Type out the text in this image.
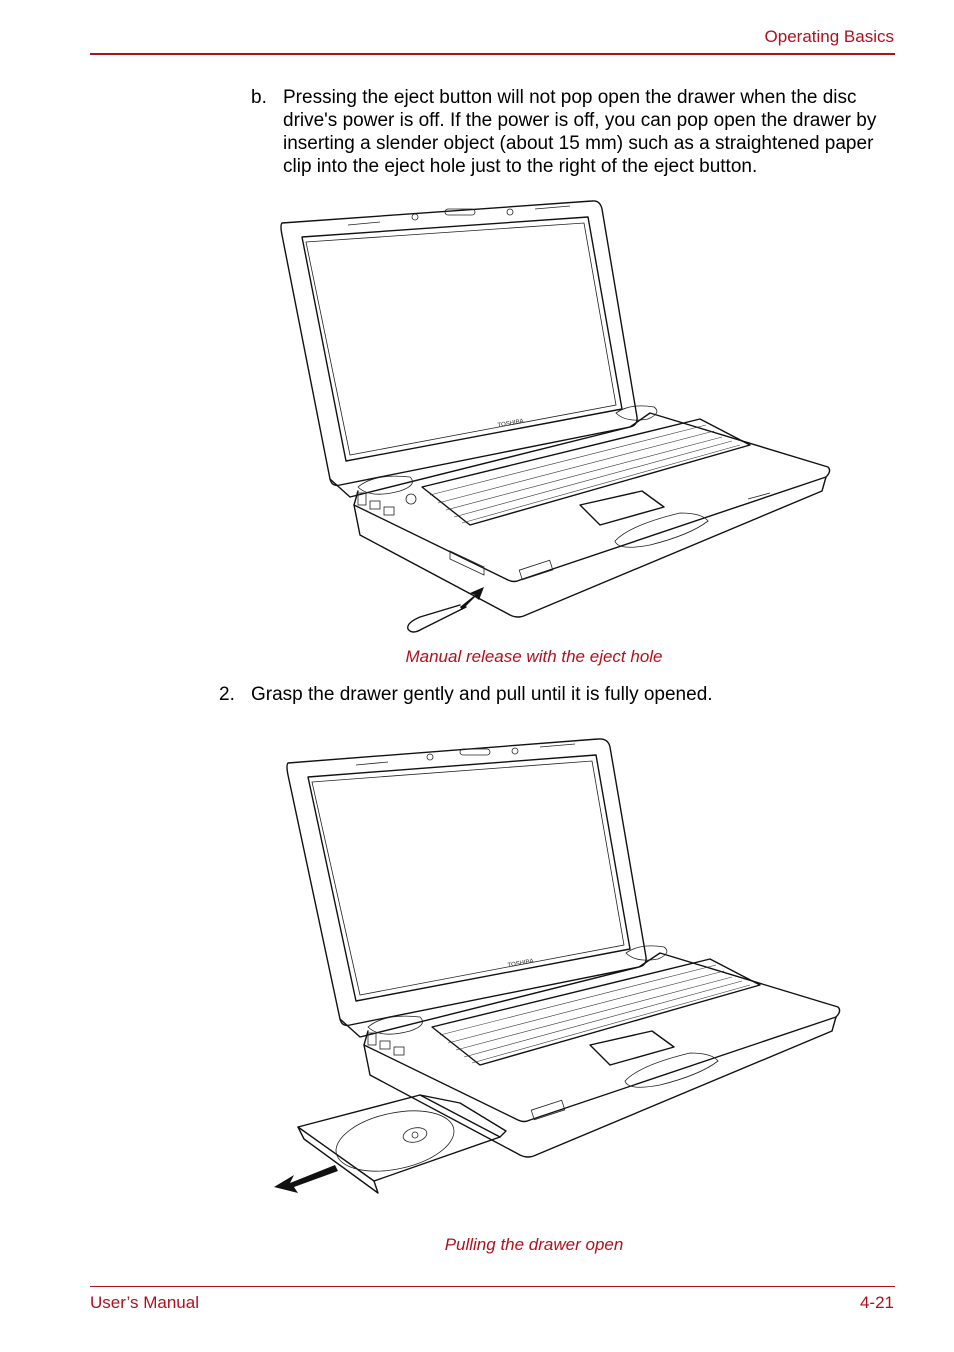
Operating Basics
b. Pressing the eject button will not pop open the drawer when the disc drive's power is off. If the power is off, you can pop open the drawer by inserting a slender object (about 15 mm) such as a straightened paper clip into the eject hole just to the right of the eject button.
TOSHIBA
Manual release with the eject hole
2. Grasp the drawer gently and pull until it is fully opened.
TOSHIBA
Pulling the drawer open
User’s Manual	4-21
